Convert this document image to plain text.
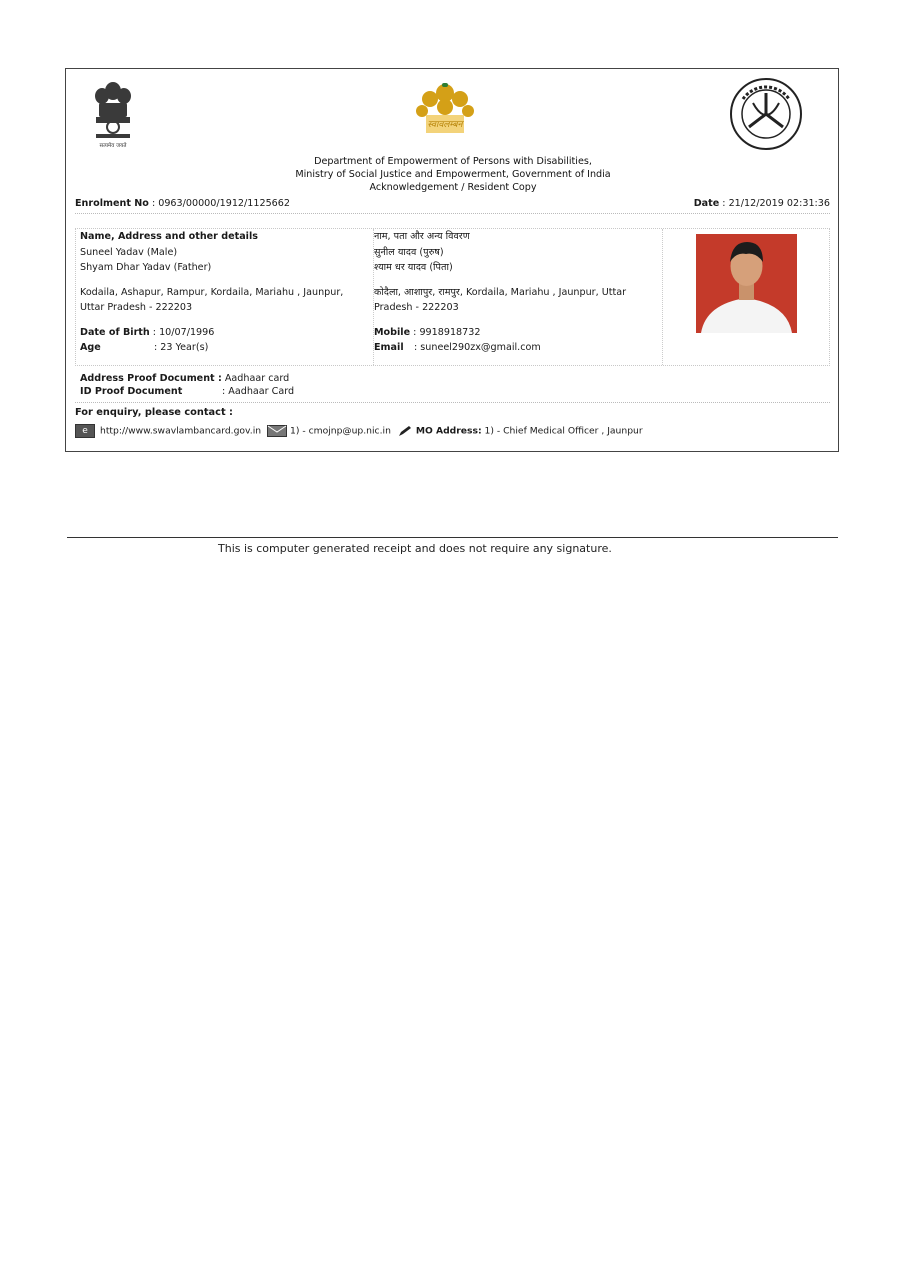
सत्यमेव जयते
स्वावलम्बन
Department of Empowerment of Persons with Disabilities,
Ministry of Social Justice and Empowerment, Government of India
Acknowledgement / Resident Copy
Enrolment No : 0963/00000/1912/1125662	Date : 21/12/2019 02:31:36
Name, Address and other details
Suneel Yadav (Male)
Shyam Dhar Yadav (Father)
Kodaila, Ashapur, Rampur, Kordaila, Mariahu , Jaunpur,
Uttar Pradesh - 222203
Date of Birth : 10/07/1996
Age	: 23 Year(s)
नाम, पता और अन्य विवरण
सुनील यादव (पुरुष)
श्याम धर यादव (पिता)
कोदैला, आशापुर, रामपुर, Kordaila, Mariahu , Jaunpur, Uttar
Pradesh - 222203
Mobile : 9918918732
Email : suneel290zx@gmail.com
Address Proof Document : Aadhaar card
ID Proof Document	: Aadhaar Card
For enquiry, please contact :
e http://www.swavlambancard.gov.in	1) - cmojnp@up.nic.in	MO Address: 1) - Chief Medical Officer , Jaunpur
This is computer generated receipt and does not require any signature.
